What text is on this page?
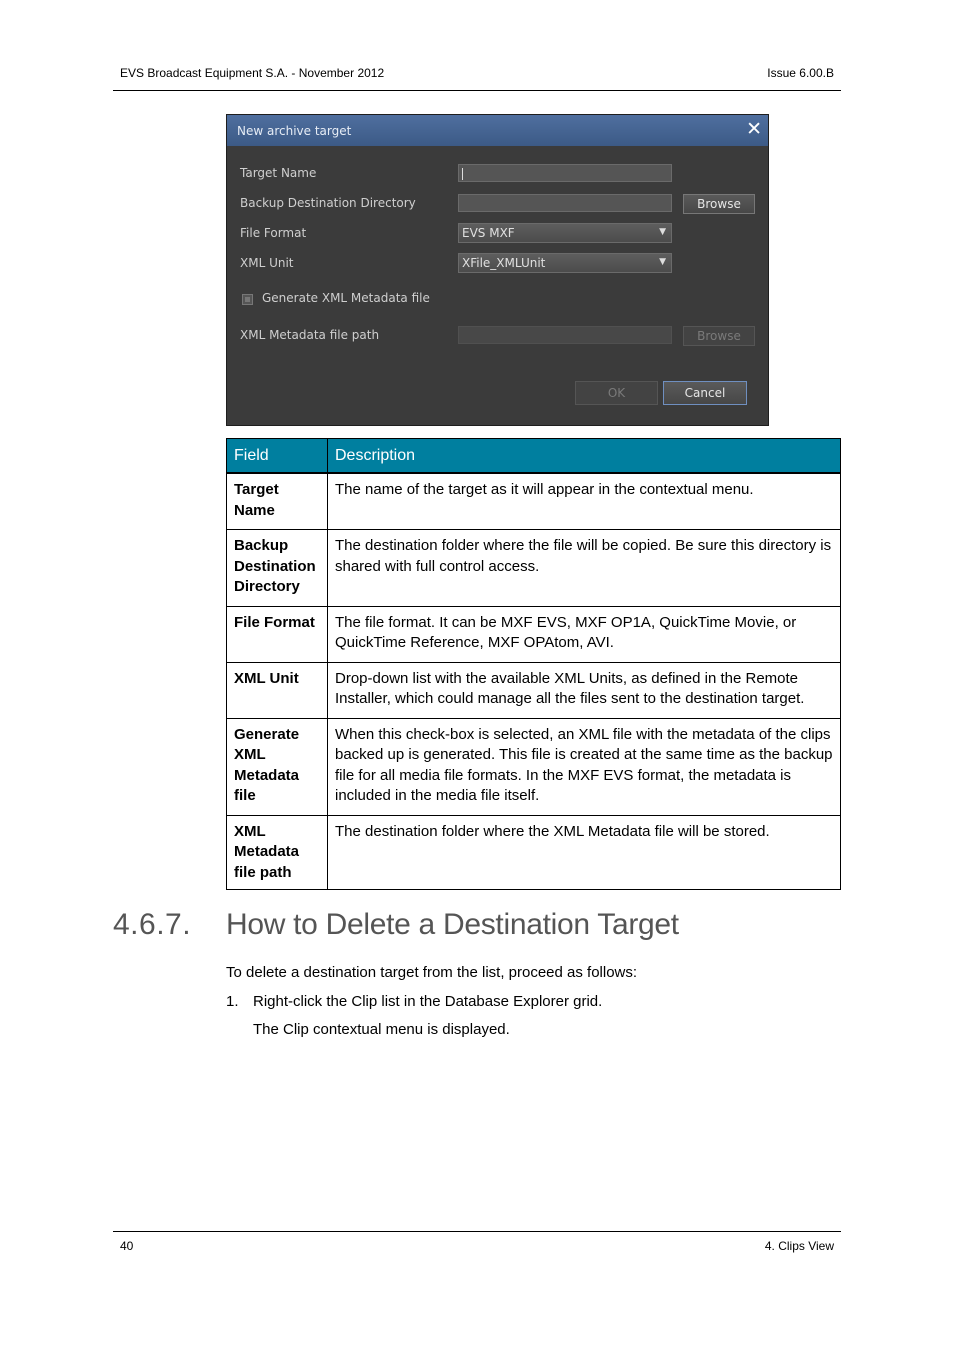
EVS Broadcast Equipment S.A. - November 2012	Issue 6.00.B
New archive target	✕
Target Name
Backup Destination Directory	Browse
File Format	EVS MXF	▼
XML Unit	XFile_XMLUnit	▼
Generate XML Metadata file
XML Metadata file path	Browse
OK	Cancel
Field	Description
Target Name	The name of the target as it will appear in the contextual menu.
Backup Destination Directory	The destination folder where the file will be copied. Be sure this directory is shared with full control access.
File Format	The file format. It can be MXF EVS, MXF OP1A, QuickTime Movie, or QuickTime Reference, MXF OPAtom, AVI.
XML Unit	Drop-down list with the available XML Units, as defined in the Remote Installer, which could manage all the files sent to the destination target.
Generate XML Metadata file	When this check-box is selected, an XML file with the metadata of the clips backed up is generated. This file is created at the same time as the backup file for all media file formats. In the MXF EVS format, the metadata is included in the media file itself.
XML Metadata file path	The destination folder where the XML Metadata file will be stored.
4.6.7. How to Delete a Destination Target
To delete a destination target from the list, proceed as follows:
1. Right-click the Clip list in the Database Explorer grid.
The Clip contextual menu is displayed.
40	4. Clips View
